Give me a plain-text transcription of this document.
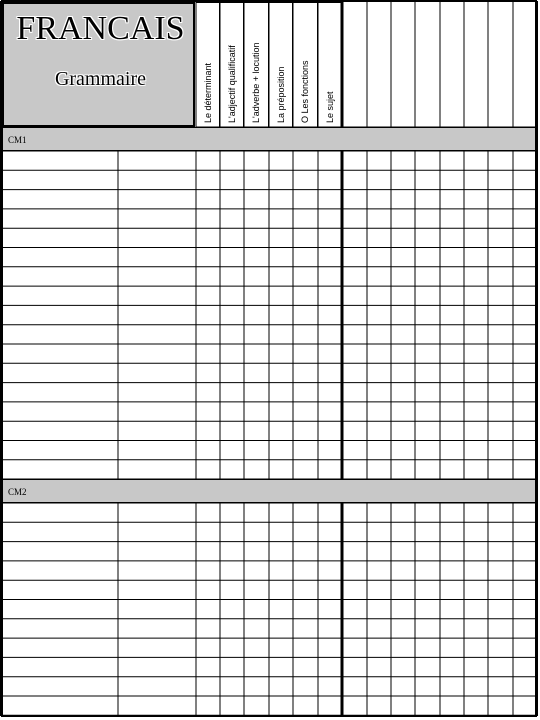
FRANCAIS
Grammaire	Le déterminant L'adjectif qualificatif L'adverbe + locution La préposition O Les fonctions Le sujet
CM1
CM2
